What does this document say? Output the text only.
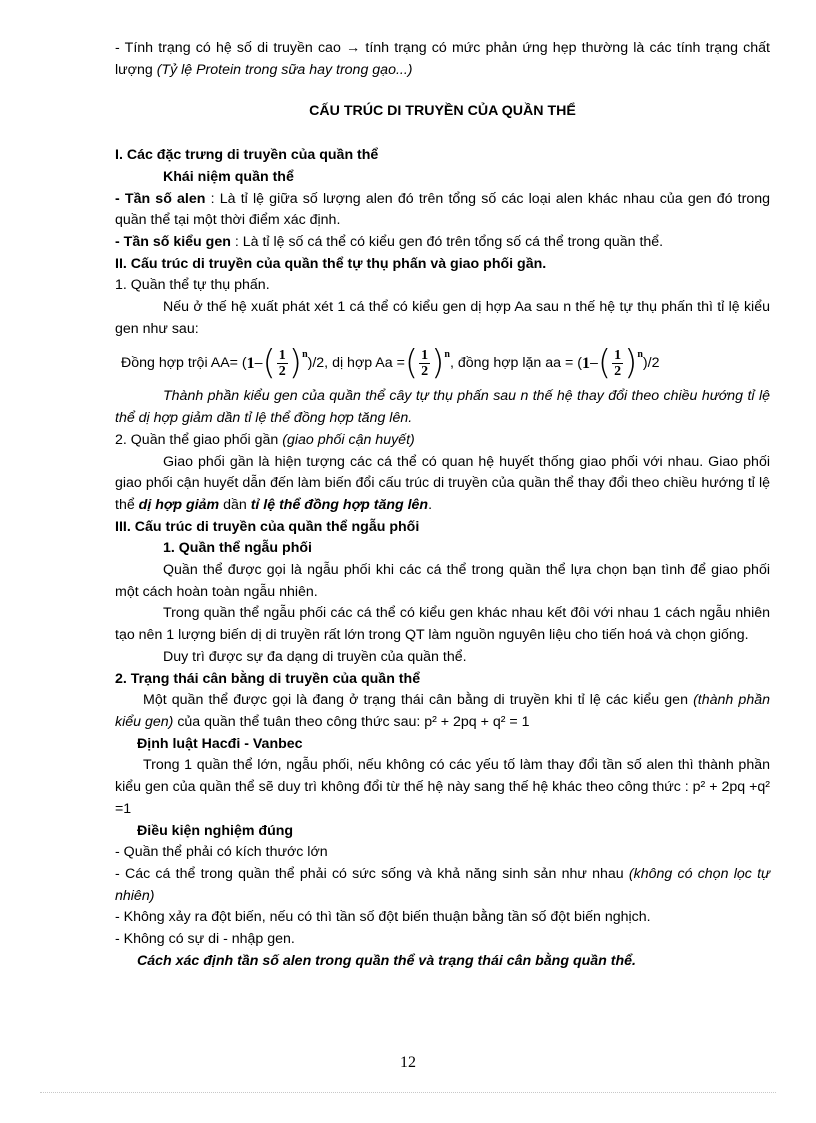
- Tính trạng có hệ số di truyền cao → tính trạng có mức phản ứng hẹp thường là các tính trạng chất lượng (Tỷ lệ Protein trong sữa hay trong gạo...)

CẤU TRÚC DI TRUYỀN CỦA QUẦN THỂ

I. Các đặc trưng di truyền của quần thể

Khái niệm quần thể

- Tần số alen : Là tỉ lệ giữa số lượng alen đó trên tổng số các loại alen khác nhau của gen đó trong quần thể tại một thời điểm xác định.

- Tần số kiểu gen : Là tỉ lệ số cá thể có kiểu gen đó trên tổng số cá thể trong quần thể.

II. Cấu trúc di truyền của quần thể tự thụ phấn và giao phối gần.

1. Quần thể tự thụ phấn.

Nếu ở thế hệ xuất phát xét 1 cá thể có kiểu gen dị hợp Aa sau n thế hệ tự thụ phấn thì tỉ lệ kiểu gen như sau:

Đồng hợp trội AA= ( 1 – ( $\frac{1}{2}$ ) n )/2, dị hợp Aa = ( $\frac{1}{2}$ ) n , đồng hợp lặn aa = ( 1 – ( $\frac{1}{2}$ ) n )/2

Thành phần kiểu gen của quần thể cây tự thụ phấn sau n thế hệ thay đổi theo chiều hướng tỉ lệ thể dị hợp giảm dần tỉ lệ thể đồng hợp tăng lên.

2. Quần thể giao phối gần (giao phối cận huyết)

Giao phối gần là hiện tượng các cá thể có quan hệ huyết thống giao phối với nhau. Giao phối giao phối cận huyết dẫn đến làm biến đổi cấu trúc di truyền của quần thể thay đổi theo chiều hướng tỉ lệ thể dị hợp giảm dần tỉ lệ thể đồng hợp tăng lên.

III. Cấu trúc di truyền của quần thể ngẫu phối

1. Quần thể ngẫu phối

Quần thể được gọi là ngẫu phối khi các cá thể trong quần thể lựa chọn bạn tình để giao phối một cách hoàn toàn ngẫu nhiên.

Trong quần thể ngẫu phối các cá thể có kiểu gen khác nhau kết đôi với nhau 1 cách ngẫu nhiên tạo nên 1 lượng biến dị di truyền rất lớn trong QT làm nguồn nguyên liệu cho tiến hoá và chọn giống.

Duy trì được sự đa dạng di truyền của quần thể.

2. Trạng thái cân bằng di truyền của quần thể

Một quần thể được gọi là đang ở trạng thái cân bằng di truyền khi tỉ lệ các kiểu gen (thành phần kiểu gen) của quần thể tuân theo công thức sau: p² + 2pq + q² = 1

Định luật Hacđi - Vanbec

Trong 1 quần thể lớn, ngẫu phối, nếu không có các yếu tố làm thay đổi tần số alen thì thành phần kiểu gen của quần thể sẽ duy trì không đổi từ thế hệ này sang thế hệ khác theo công thức : p² + 2pq +q² =1

Điều kiện nghiệm đúng

- Quần thể phải có kích thước lớn

- Các cá thể trong quần thể phải có sức sống và khả năng sinh sản như nhau (không có chọn lọc tự nhiên)

- Không xảy ra đột biến, nếu có thì tần số đột biến thuận bằng tần số đột biến nghịch.

- Không có sự di - nhập gen.

Cách xác định tần số alen trong quần thể và trạng thái cân bằng quần thể.

12
